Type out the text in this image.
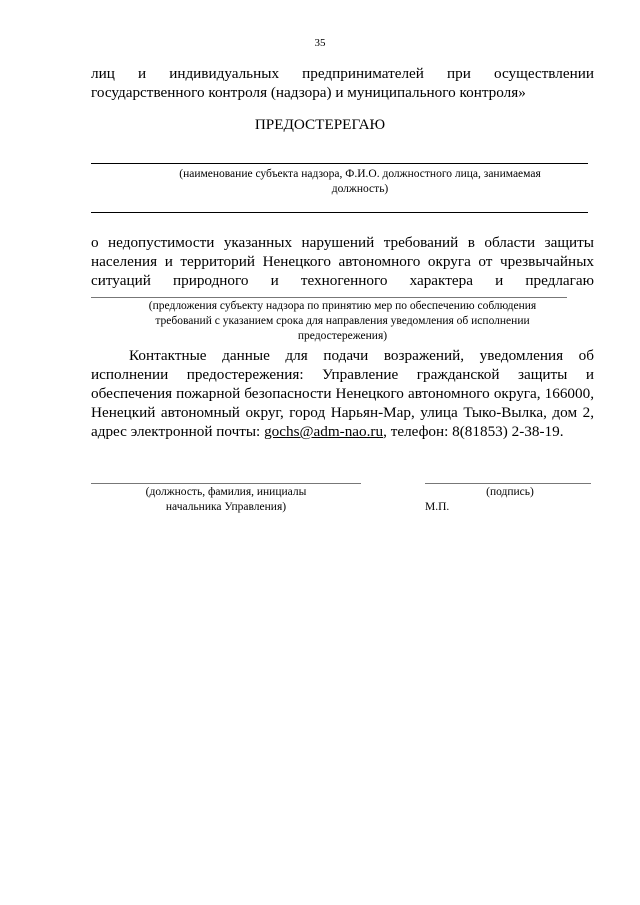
35
лиц и индивидуальных предпринимателей при осуществлении
государственного контроля (надзора) и муниципального контроля»
ПРЕДОСТЕРЕГАЮ
(наименование субъекта надзора, Ф.И.О. должностного лица, занимаемая
должность)
о недопустимости указанных нарушений требований в области защиты
населения и территорий Ненецкого автономного округа от чрезвычайных
ситуаций природного и техногенного характера и предлагаю
(предложения субъекту надзора по принятию мер по обеспечению соблюдения
требований с указанием срока для направления уведомления об исполнении
предостережения)
Контактные данные для подачи возражений, уведомления об
исполнении предостережения: Управление гражданской защиты и
обеспечения пожарной безопасности Ненецкого автономного округа, 166000,
Ненецкий автономный округ, город Нарьян-Мар, улица Тыко-Вылка, дом 2,
адрес электронной почты: gochs@adm-nao.ru, телефон: 8(81853) 2-38-19.
(должность, фамилия, инициалы
начальника Управления)
(подпись)
М.П.
